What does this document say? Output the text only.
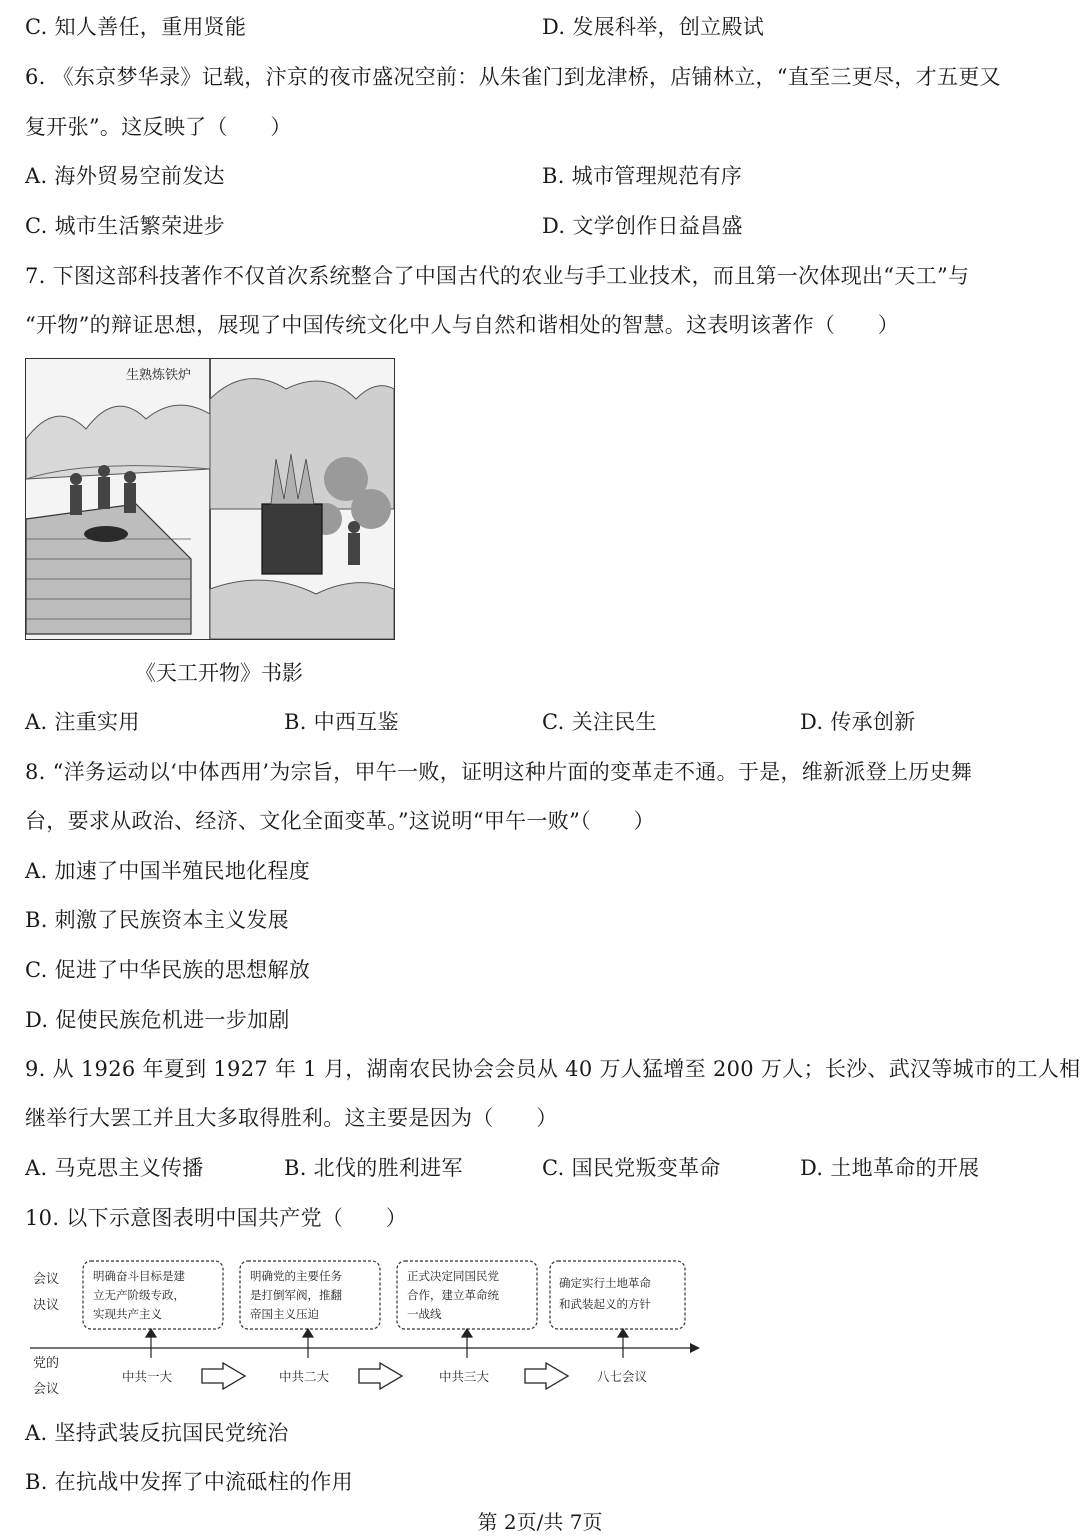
C. 知人善任，重用贤能	D. 发展科举，创立殿试
6. 《东京梦华录》记载，汴京的夜市盛况空前：从朱雀门到龙津桥，店铺林立，“直至三更尽，才五更又
复开张”。这反映了（　　）
A. 海外贸易空前发达	B. 城市管理规范有序
C. 城市生活繁荣进步	D. 文学创作日益昌盛
7. 下图这部科技著作不仅首次系统整合了中国古代的农业与手工业技术，而且第一次体现出“天工”与
“开物”的辩证思想，展现了中国传统文化中人与自然和谐相处的智慧。这表明该著作（　　）
生熟炼铁炉
《天工开物》书影
A. 注重实用	B. 中西互鉴	C. 关注民生	D. 传承创新
8. “洋务运动以‘中体西用’为宗旨，甲午一败，证明这种片面的变革走不通。于是，维新派登上历史舞
台，要求从政治、经济、文化全面变革。”这说明“甲午一败”（　　）
A. 加速了中国半殖民地化程度
B. 刺激了民族资本主义发展
C. 促进了中华民族的思想解放
D. 促使民族危机进一步加剧
9. 从 1926 年夏到 1927 年 1 月，湖南农民协会会员从 40 万人猛增至 200 万人；长沙、武汉等城市的工人相
继举行大罢工并且大多取得胜利。这主要是因为（　　）
A. 马克思主义传播	B. 北伐的胜利进军	C. 国民党叛变革命	D. 土地革命的开展
10. 以下示意图表明中国共产党（　　）
会议
决议
党的
会议
明确奋斗目标是建
立无产阶级专政，
实现共产主义
明确党的主要任务
是打倒军阀，推翻
帝国主义压迫
正式决定同国民党
合作，建立革命统
一战线
确定实行土地革命
和武装起义的方针
中共一大	中共二大	中共三大	八七会议
A. 坚持武装反抗国民党统治
B. 在抗战中发挥了中流砥柱的作用
第 2页/共 7页
